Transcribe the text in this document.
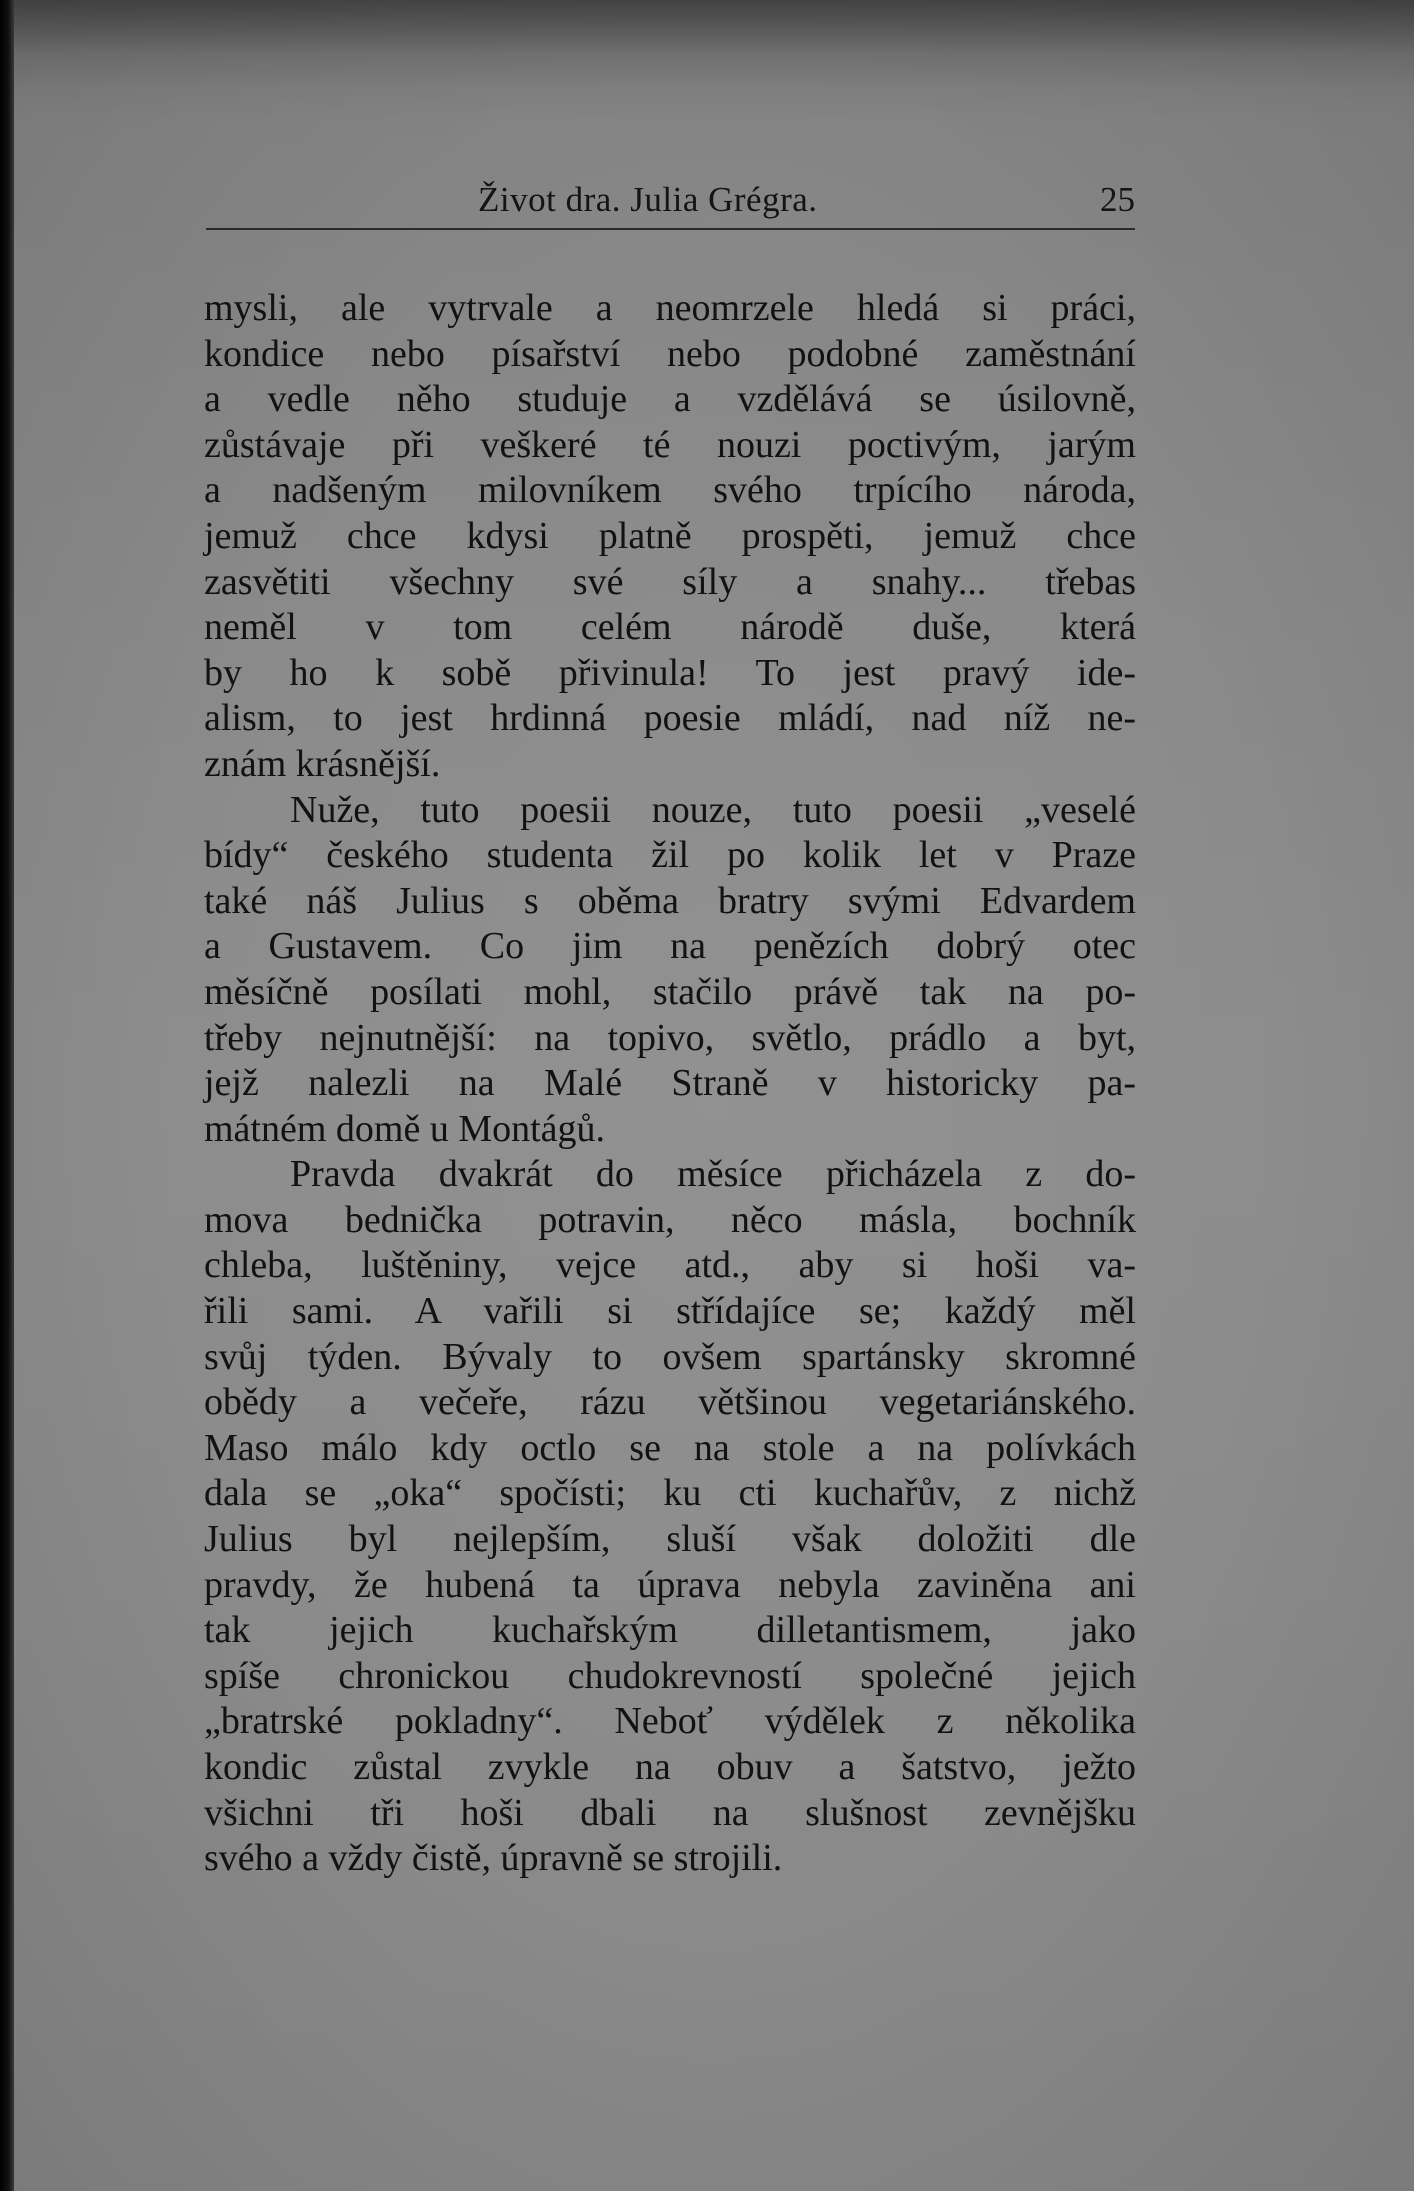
Život dra. Julia Grégra.	25
mysli, ale vytrvale a neomrzele hledá si práci,
kondice nebo písařství nebo podobné zaměstnání
a vedle něho studuje a vzdělává se úsilovně,
zůstávaje při veškeré té nouzi poctivým, jarým
a nadšeným milovníkem svého trpícího národa,
jemuž chce kdysi platně prospěti, jemuž chce
zasvětiti všechny své síly a snahy... třebas
neměl v tom celém národě duše, která
by ho k sobě přivinula! To jest pravý ide-
alism, to jest hrdinná poesie mládí, nad níž ne-
znám krásnější.
Nuže, tuto poesii nouze, tuto poesii „veselé
bídy“ českého studenta žil po kolik let v Praze
také náš Julius s oběma bratry svými Edvardem
a Gustavem. Co jim na penězích dobrý otec
měsíčně posílati mohl, stačilo právě tak na po-
třeby nejnutnější: na topivo, světlo, prádlo a byt,
jejž nalezli na Malé Straně v historicky pa-
mátném domě u Montágů.
Pravda dvakrát do měsíce přicházela z do-
mova bednička potravin, něco másla, bochník
chleba, luštěniny, vejce atd., aby si hoši va-
řili sami. A vařili si střídajíce se; každý měl
svůj týden. Bývaly to ovšem spartánsky skromné
obědy a večeře, rázu většinou vegetariánského.
Maso málo kdy octlo se na stole a na polívkách
dala se „oka“ spočísti; ku cti kuchařův, z nichž
Julius byl nejlepším, sluší však doložiti dle
pravdy, že hubená ta úprava nebyla zaviněna ani
tak jejich kuchařským dilletantismem, jako
spíše chronickou chudokrevností společné jejich
„bratrské pokladny“. Neboť výdělek z několika
kondic zůstal zvykle na obuv a šatstvo, ježto
všichni tři hoši dbali na slušnost zevnějšku
svého a vždy čistě, úpravně se strojili.
